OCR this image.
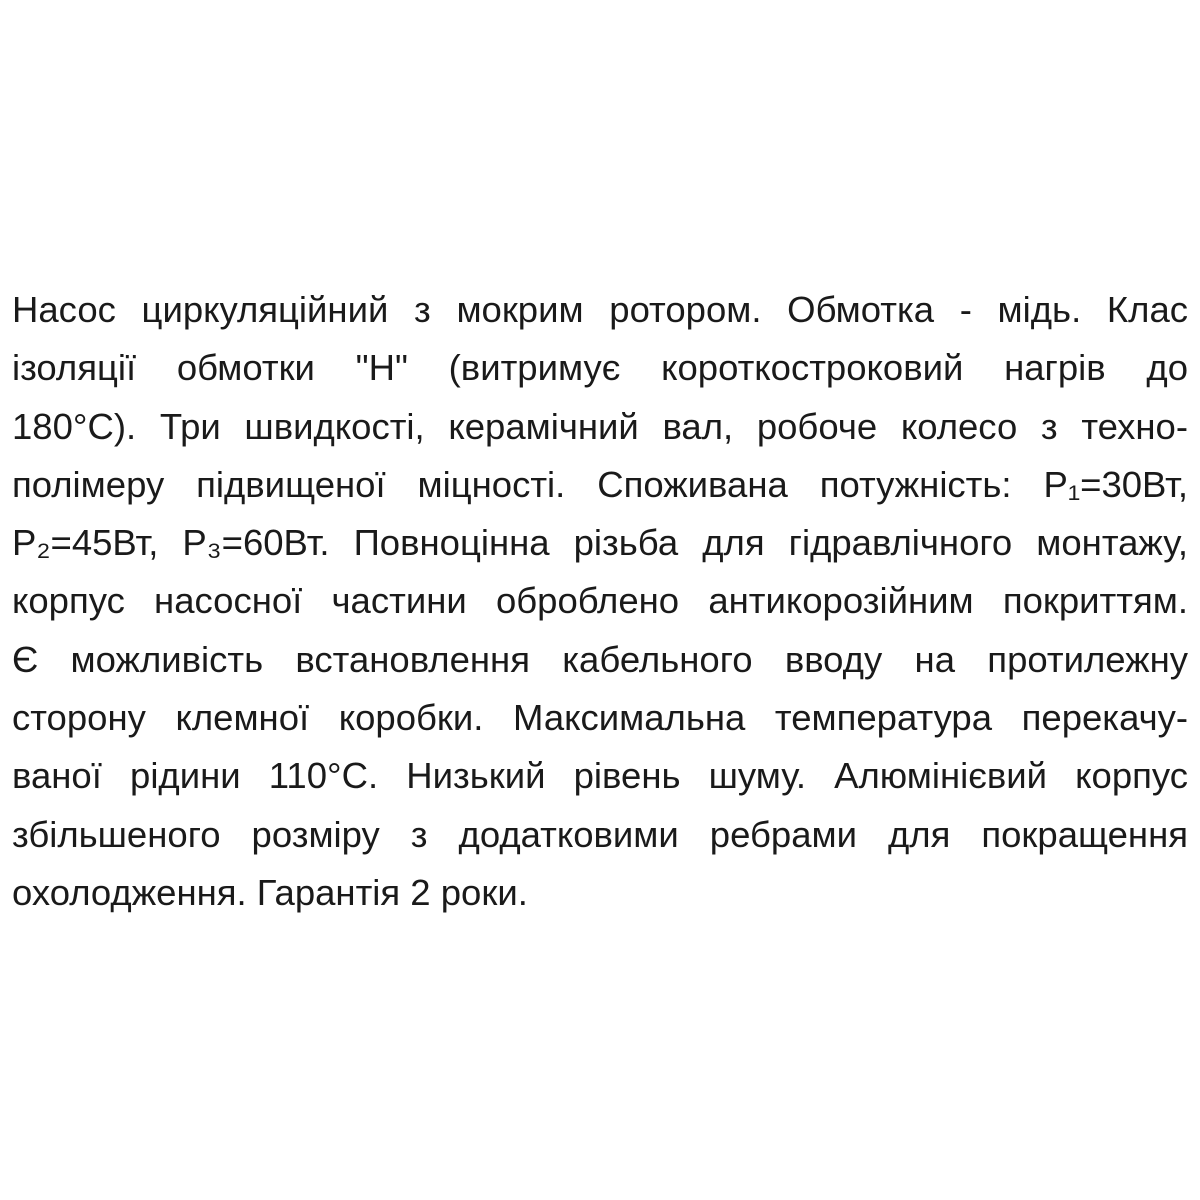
Насос циркуляційний з мокрим ротором. Обмотка - мідь. Клас
ізоляції обмотки "H" (витримує короткостроковий нагрів до
180°C). Три швидкості, керамічний вал, робоче колесо з техно-
полімеру підвищеної міцності. Споживана потужність: P₁=30Вт,
P₂=45Вт, P₃=60Вт. Повноцінна різьба для гідравлічного монтажу,
корпус насосної частини оброблено антикорозійним покриттям.
Є можливість встановлення кабельного вводу на протилежну
сторону клемної коробки. Максимальна температура перекачу-
ваної рідини 110°C. Низький рівень шуму. Алюмінієвий корпус
збільшеного розміру з додатковими ребрами для покращення
охолодження. Гарантія 2 роки.
